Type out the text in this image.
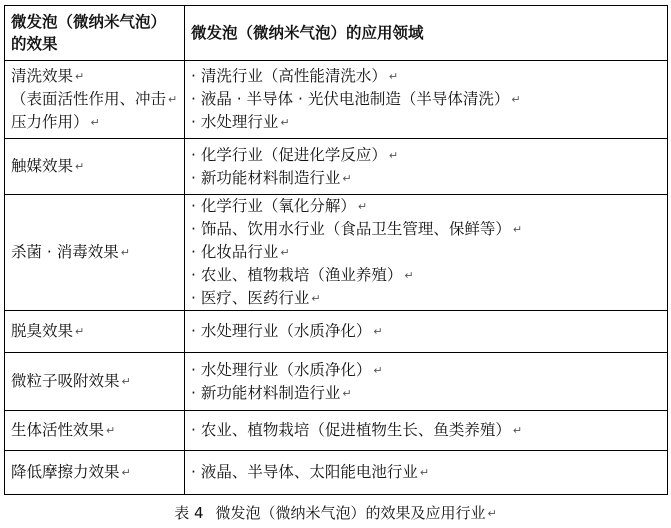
微发泡（微纳米气泡）
的效果	微发泡（微纳米气泡）的应用领域

清洗效果 ↵
（表面活性作用、冲击 ↵
压力作用） ↵	· 清洗行业（高性能清洗水） ↵
· 液晶 · 半导体 · 光伏电池制造（半导体清洗） ↵
· 水处理行业 ↵

触媒效果 ↵	· 化学行业（促进化学反应） ↵
· 新功能材料制造行业 ↵

杀菌 · 消毒效果 ↵	· 化学行业（氧化分解） ↵
· 饰品、饮用水行业（食品卫生管理、保鲜等） ↵
· 化妆品行业 ↵
· 农业、植物栽培（渔业养殖） ↵
· 医疗、医药行业 ↵

脱臭效果 ↵	· 水处理行业（水质净化） ↵

微粒子吸附效果 ↵	· 水处理行业（水质净化） ↵
· 新功能材料制造行业 ↵

生体活性效果 ↵	· 农业、植物栽培（促进植物生长、鱼类养殖） ↵

降低摩擦力效果 ↵	· 液晶、半导体、太阳能电池行业 ↵
表 4 微发泡（微纳米气泡）的效果及应用行业 ↵
